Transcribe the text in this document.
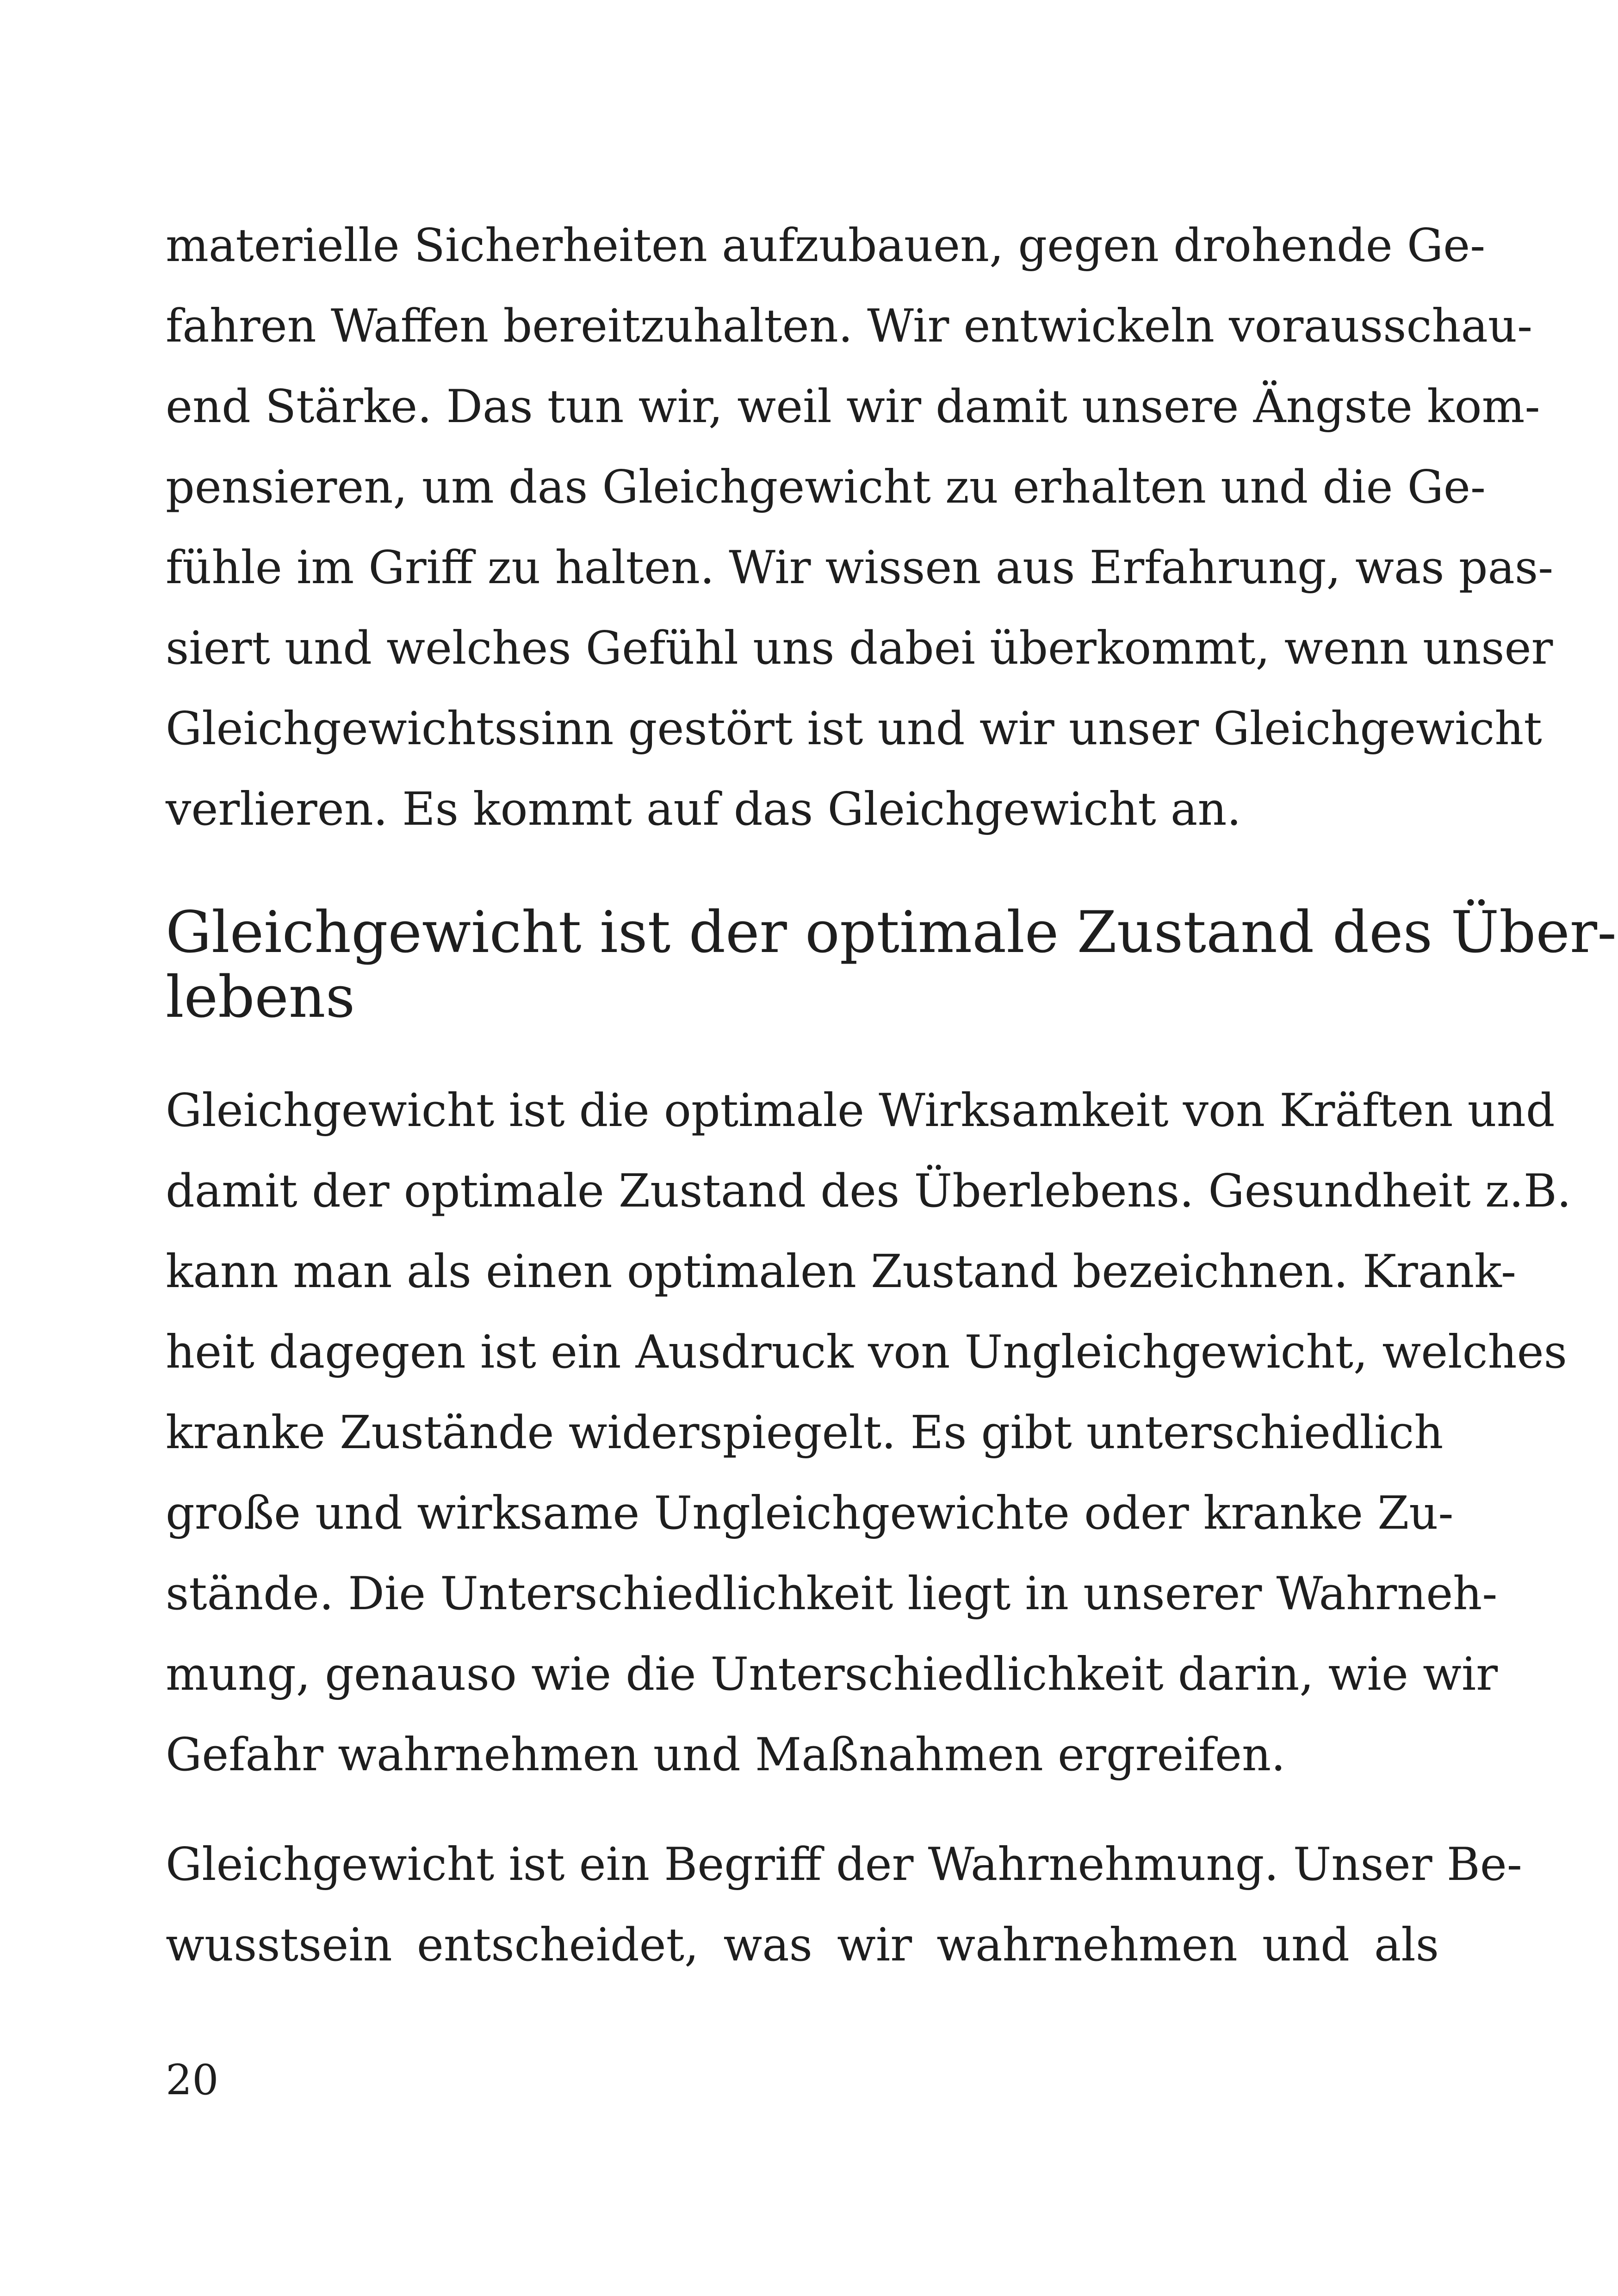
materielle Sicherheiten aufzubauen, gegen drohende Ge-
fahren Waffen bereitzuhalten. Wir entwickeln vorausschau-
end Stärke. Das tun wir, weil wir damit unsere Ängste kom-
pensieren, um das Gleichgewicht zu erhalten und die Ge-
fühle im Griff zu halten. Wir wissen aus Erfahrung, was pas-
siert und welches Gefühl uns dabei überkommt, wenn unser
Gleichgewichtssinn gestört ist und wir unser Gleichgewicht
verlieren. Es kommt auf das Gleichgewicht an.
Gleichgewicht ist der optimale Zustand des Über-
lebens
Gleichgewicht ist die optimale Wirksamkeit von Kräften und
damit der optimale Zustand des Überlebens. Gesundheit z.B.
kann man als einen optimalen Zustand bezeichnen. Krank-
heit dagegen ist ein Ausdruck von Ungleichgewicht, welches
kranke Zustände widerspiegelt. Es gibt unterschiedlich
große und wirksame Ungleichgewichte oder kranke Zu-
stände. Die Unterschiedlichkeit liegt in unserer Wahrneh-
mung, genauso wie die Unterschiedlichkeit darin, wie wir
Gefahr wahrnehmen und Maßnahmen ergreifen.
Gleichgewicht ist ein Begriff der Wahrnehmung. Unser Be-
wusstsein entscheidet, was wir wahrnehmen und als
20
